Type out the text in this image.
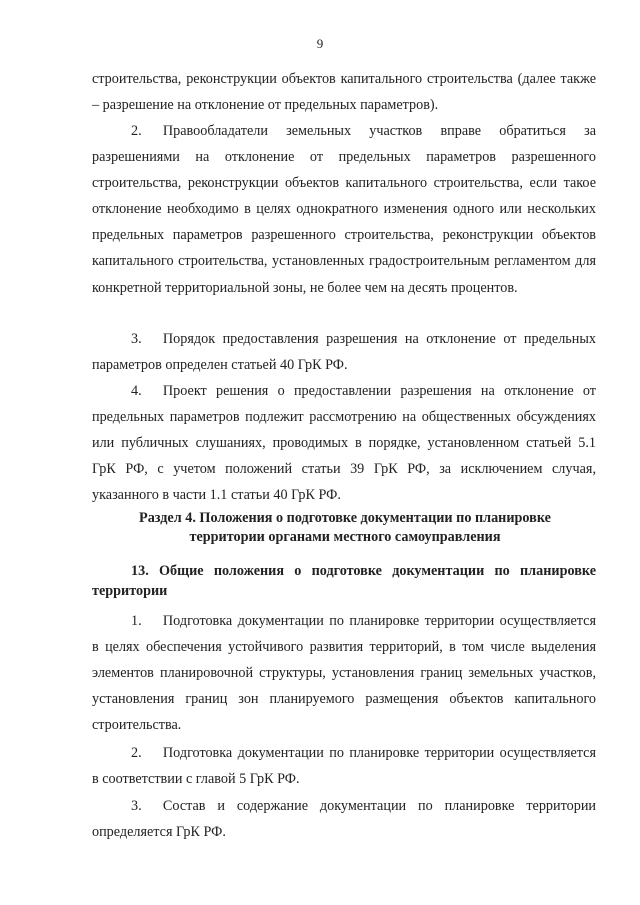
9

строительства, реконструкции объектов капитального строительства (далее также – разрешение на отклонение от предельных параметров).

2.  Правообладатели земельных участков вправе обратиться за разрешениями на отклонение от предельных параметров разрешенного строительства, реконструкции объектов капитального строительства, если такое отклонение необходимо в целях однократного изменения одного или нескольких предельных параметров разрешенного строительства, реконструкции объектов капитального строительства, установленных градостроительным регламентом для конкретной территориальной зоны, не более чем на десять процентов.

3.  Порядок предоставления разрешения на отклонение от предельных параметров определен статьей 40 ГрК РФ.

4.  Проект решения о предоставлении разрешения на отклонение от предельных параметров подлежит рассмотрению на общественных обсуждениях или публичных слушаниях, проводимых в порядке, установленном статьей 5.1 ГрК РФ, с учетом положений статьи 39 ГрК РФ, за исключением случая, указанного в части 1.1 статьи 40 ГрК РФ.

Раздел 4. Положения о подготовке документации по планировке территории органами местного самоуправления

13. Общие положения о подготовке документации по планировке территории

1.  Подготовка документации по планировке территории осуществляется в целях обеспечения устойчивого развития территорий, в том числе выделения элементов планировочной структуры, установления границ земельных участков, установления границ зон планируемого размещения объектов капитального строительства.

2.  Подготовка документации по планировке территории осуществляется в соответствии с главой 5 ГрК РФ.

3.  Состав и содержание документации по планировке территории определяется ГрК РФ.
